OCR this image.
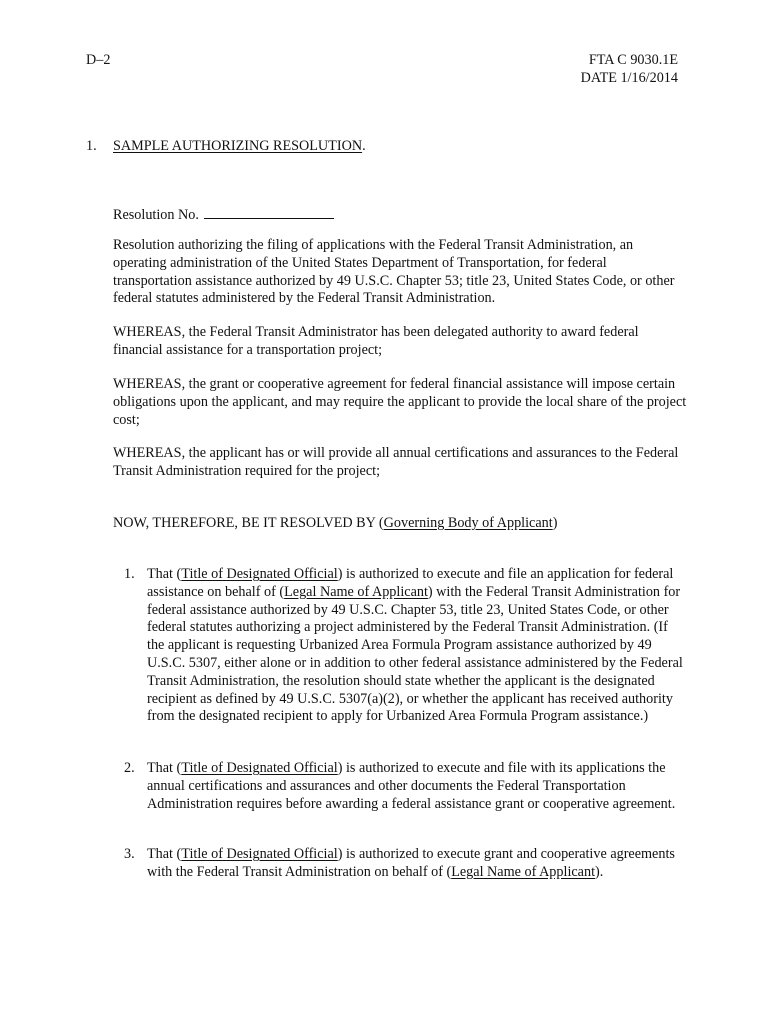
D–2	FTA C 9030.1E
DATE 1/16/2014
1. SAMPLE AUTHORIZING RESOLUTION.
Resolution No.

Resolution authorizing the filing of applications with the Federal Transit Administration, an operating administration of the United States Department of Transportation, for federal transportation assistance authorized by 49 U.S.C. Chapter 53; title 23, United States Code, or other federal statutes administered by the Federal Transit Administration.

WHEREAS, the Federal Transit Administrator has been delegated authority to award federal financial assistance for a transportation project;

WHEREAS, the grant or cooperative agreement for federal financial assistance will impose certain obligations upon the applicant, and may require the applicant to provide the local share of the project cost;

WHEREAS, the applicant has or will provide all annual certifications and assurances to the Federal Transit Administration required for the project;

NOW, THEREFORE, BE IT RESOLVED BY (Governing Body of Applicant)

1. That (Title of Designated Official) is authorized to execute and file an application for federal assistance on behalf of (Legal Name of Applicant) with the Federal Transit Administration for federal assistance authorized by 49 U.S.C. Chapter 53, title 23, United States Code, or other federal statutes authorizing a project administered by the Federal Transit Administration. (If the applicant is requesting Urbanized Area Formula Program assistance authorized by 49 U.S.C. 5307, either alone or in addition to other federal assistance administered by the Federal Transit Administration, the resolution should state whether the applicant is the designated recipient as defined by 49 U.S.C. 5307(a)(2), or whether the applicant has received authority from the designated recipient to apply for Urbanized Area Formula Program assistance.)

2. That (Title of Designated Official) is authorized to execute and file with its applications the annual certifications and assurances and other documents the Federal Transportation Administration requires before awarding a federal assistance grant or cooperative agreement.

3. That (Title of Designated Official) is authorized to execute grant and cooperative agreements with the Federal Transit Administration on behalf of (Legal Name of Applicant).
